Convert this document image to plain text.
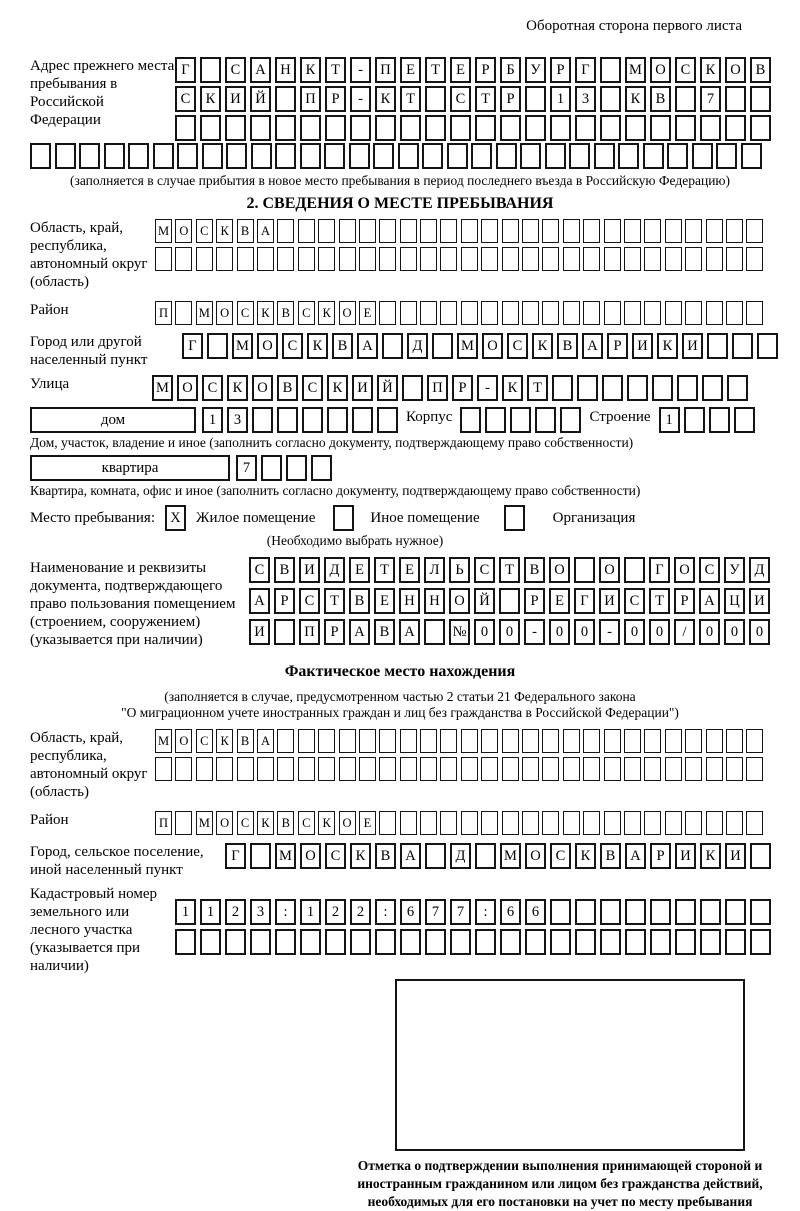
Оборотная сторона первого листа
Адрес прежнего места пребывания в Российской Федерации
Г	С	А	Н	К	Т	-	П	Е	Т	Е	Р	Б	У	Р	Г	М О	С	К	О	В
С	К	И	Й	П	Р	-	К	Т	С	Т	Р	1	3	К	В	7
(заполняется в случае прибытия в новое место пребывания в период последнего въезда в Российскую Федерацию)
2. СВЕДЕНИЯ О МЕСТЕ ПРЕБЫВАНИЯ
Область, край, республика, автономный округ (область)
М О С К В А
Район	П	М О С К В С К О Е
Город или другой населенный пункт
Г	М О	С	К	В	А	Д	М О	С	К	В	А	Р	И	К	И
Улица	М О	С	К	О	В	С	К	И	Й	П	Р	-	К	Т
дом	1	3	Корпус	Строение	1
Дом, участок, владение и иное (заполнить согласно документу, подтверждающему право собственности)
квартира	7
Квартира, комната, офис и иное (заполнить согласно документу, подтверждающему право собственности)
Место пребывания:	X	Жилое помещение	Иное помещение	Организация
(Необходимо выбрать нужное)
Наименование и реквизиты документа, подтверждающего право пользования помещением (строением, сооружением) (указывается при наличии)
С	В	И	Д	Е	Т	Е	Л	Ь	С	Т	В	О	О	Г	О	С	У	Д
А	Р	С	Т	В	Е	Н	Н	О	Й	Р	Е	Г	И	С	Т	Р	А	Ц	И
И	П	Р	А	В	А	№ 0	0	-	0	0	-	0	0	/	0	0	0
Фактическое место нахождения
(заполняется в случае, предусмотренном частью 2 статьи 21 Федерального закона
"О миграционном учете иностранных граждан и лиц без гражданства в Российской Федерации")
Область, край, республика, автономный округ (область)
М О С К В А
Район	П	М О С К В С К О Е
Город, сельское поселение, иной населенный пункт
Г	М О	С	К	В	А	Д	М О	С	К	В	А	Р	И	К	И
Кадастровый номер земельного или лесного участка (указывается при наличии)
1	1	2	3	:	1	2	2	:	6	7	7	:	6	6
Отметка о подтверждении выполнения принимающей стороной и иностранным гражданином или лицом без гражданства действий, необходимых для его постановки на учет по месту пребывания
